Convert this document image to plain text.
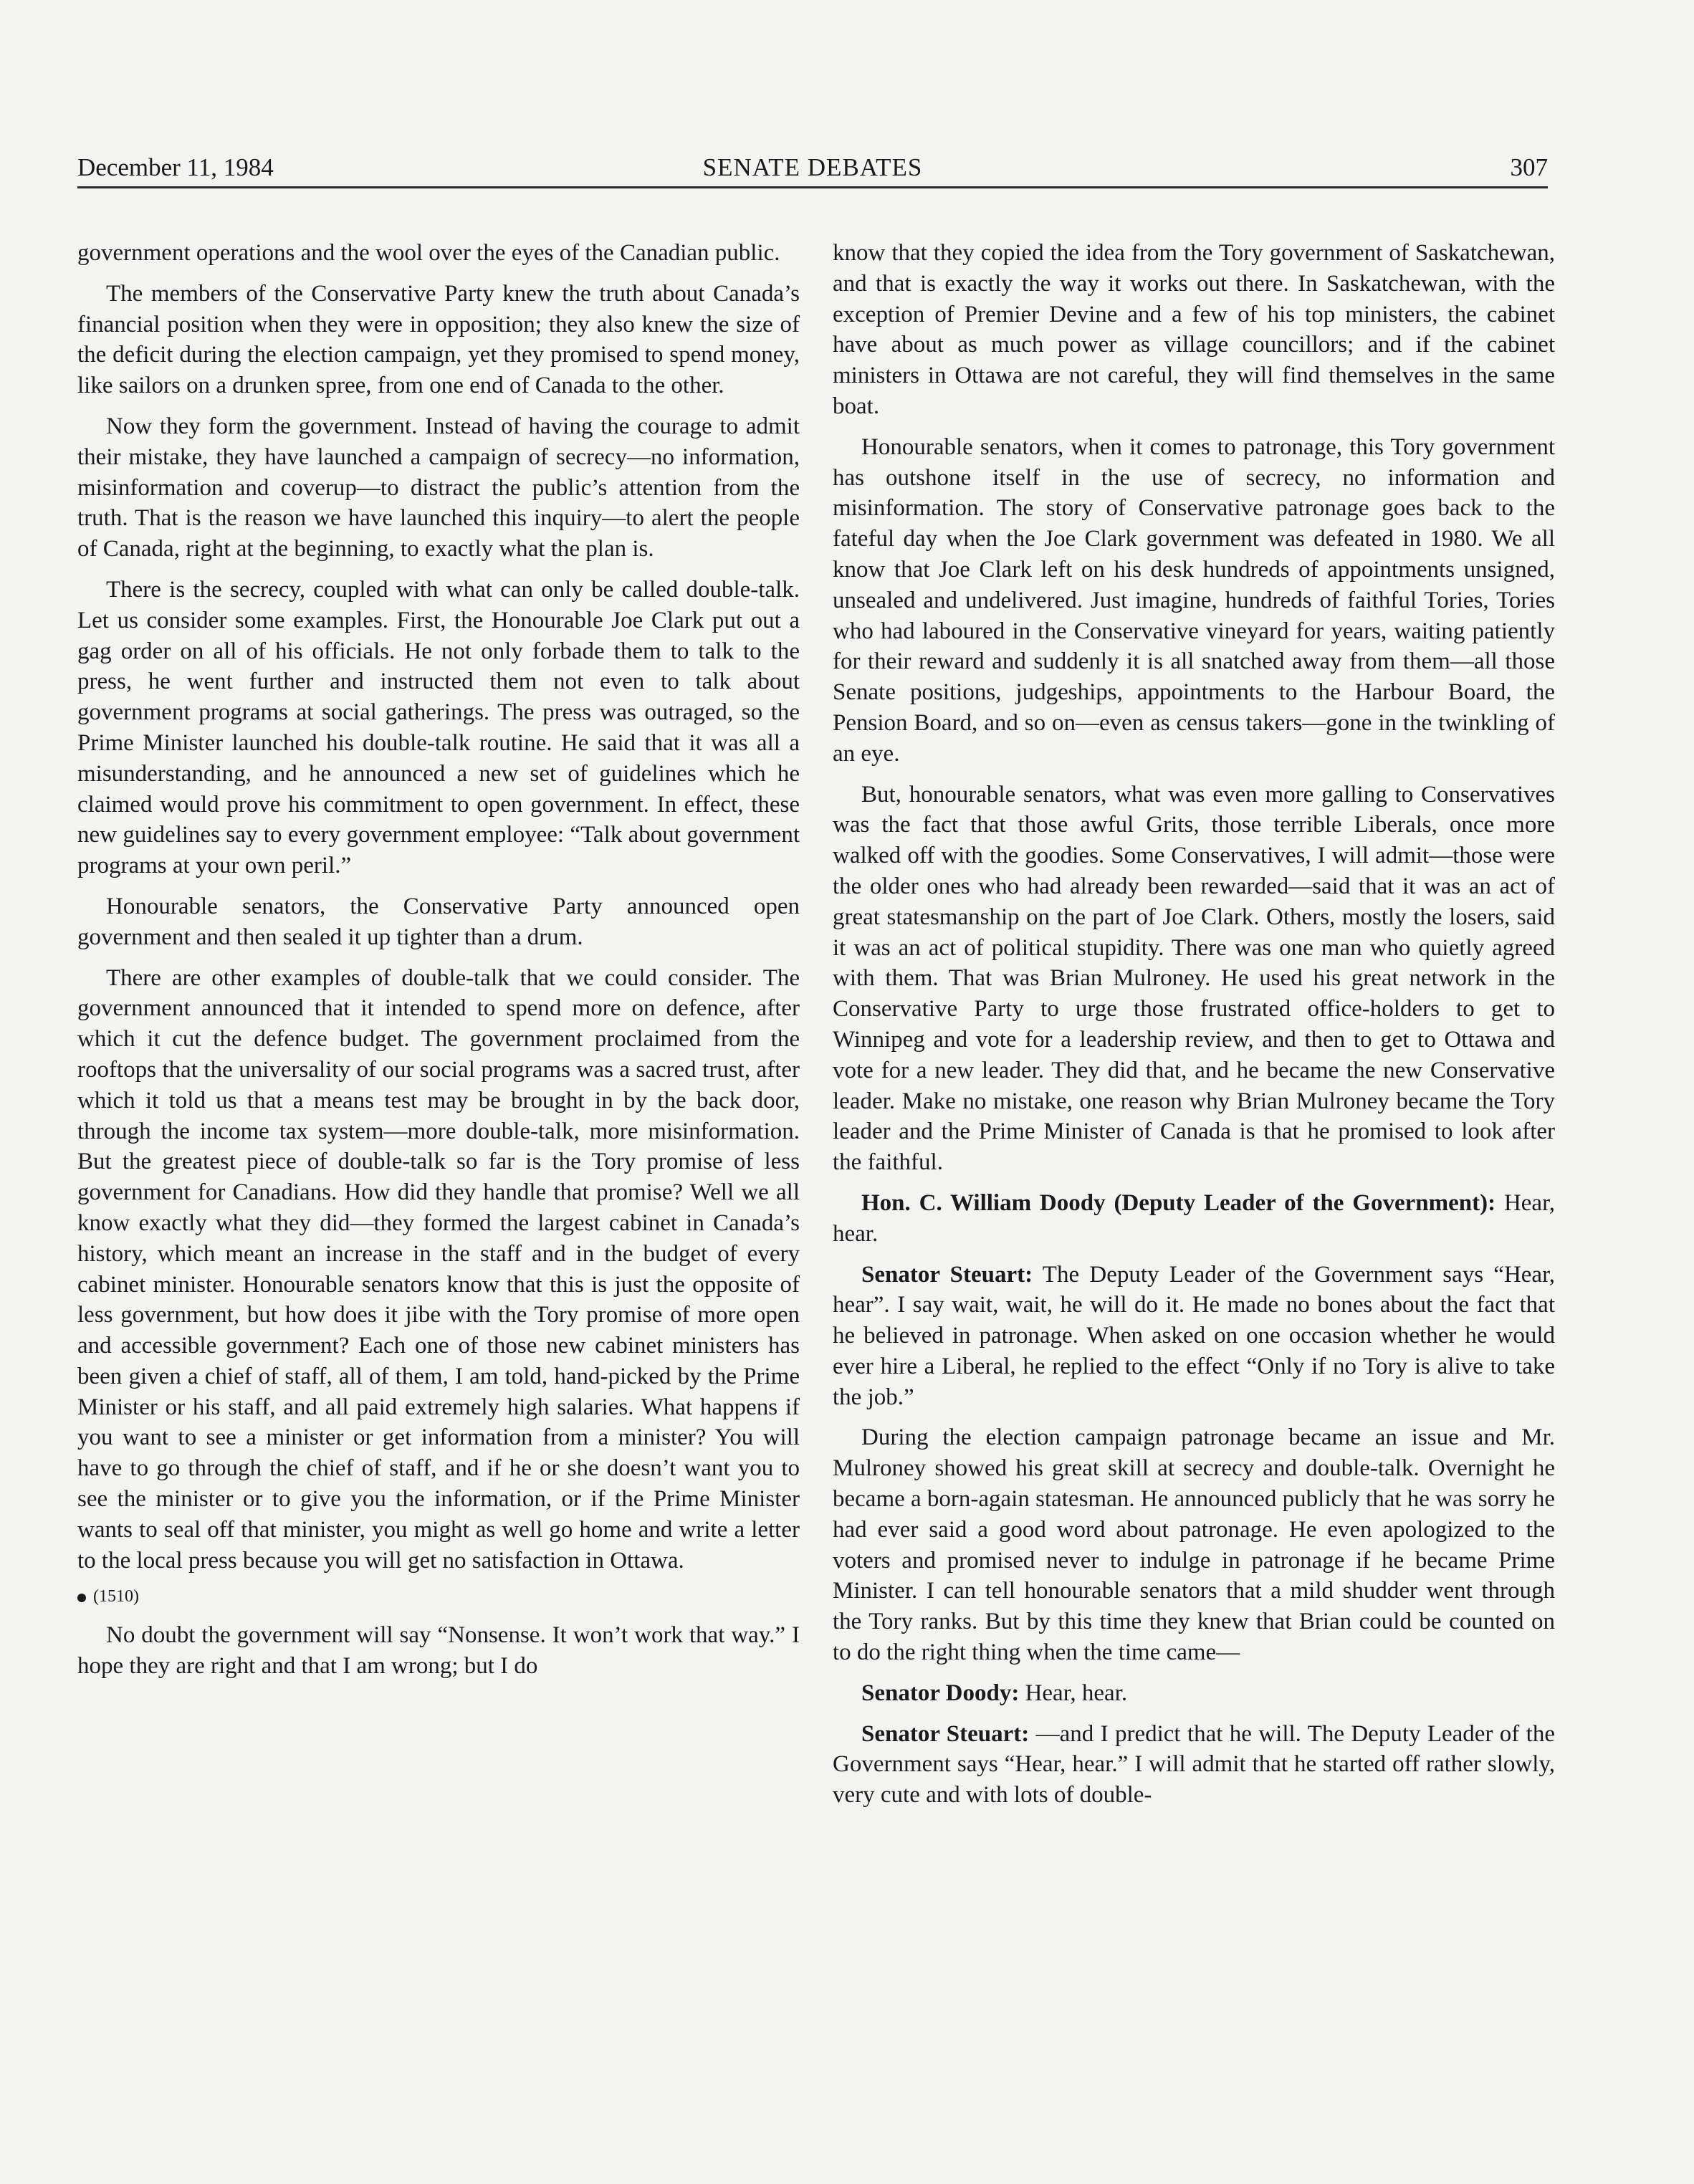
December 11, 1984	SENATE DEBATES	307

government operations and the wool over the eyes of the Canadian public.

The members of the Conservative Party knew the truth about Canada’s financial position when they were in opposition; they also knew the size of the deficit during the election campaign, yet they promised to spend money, like sailors on a drunken spree, from one end of Canada to the other.

Now they form the government. Instead of having the courage to admit their mistake, they have launched a campaign of secrecy—no information, misinformation and coverup—to distract the public’s attention from the truth. That is the reason we have launched this inquiry—to alert the people of Canada, right at the beginning, to exactly what the plan is.

There is the secrecy, coupled with what can only be called double-talk. Let us consider some examples. First, the Honourable Joe Clark put out a gag order on all of his officials. He not only forbade them to talk to the press, he went further and instructed them not even to talk about government programs at social gatherings. The press was outraged, so the Prime Minister launched his double-talk routine. He said that it was all a misunderstanding, and he announced a new set of guidelines which he claimed would prove his commitment to open government. In effect, these new guidelines say to every government employee: “Talk about government programs at your own peril.”

Honourable senators, the Conservative Party announced open government and then sealed it up tighter than a drum.

There are other examples of double-talk that we could consider. The government announced that it intended to spend more on defence, after which it cut the defence budget. The government proclaimed from the rooftops that the universality of our social programs was a sacred trust, after which it told us that a means test may be brought in by the back door, through the income tax system—more double-talk, more misinformation. But the greatest piece of double-talk so far is the Tory promise of less government for Canadians. How did they handle that promise? Well we all know exactly what they did—they formed the largest cabinet in Canada’s history, which meant an increase in the staff and in the budget of every cabinet minister. Honourable senators know that this is just the opposite of less government, but how does it jibe with the Tory promise of more open and accessible government? Each one of those new cabinet ministers has been given a chief of staff, all of them, I am told, hand-picked by the Prime Minister or his staff, and all paid extremely high salaries. What happens if you want to see a minister or get information from a minister? You will have to go through the chief of staff, and if he or she doesn’t want you to see the minister or to give you the information, or if the Prime Minister wants to seal off that minister, you might as well go home and write a letter to the local press because you will get no satisfaction in Ottawa.

(1510)

No doubt the government will say “Nonsense. It won’t work that way.” I hope they are right and that I am wrong; but I do

know that they copied the idea from the Tory government of Saskatchewan, and that is exactly the way it works out there. In Saskatchewan, with the exception of Premier Devine and a few of his top ministers, the cabinet have about as much power as village councillors; and if the cabinet ministers in Ottawa are not careful, they will find themselves in the same boat.

Honourable senators, when it comes to patronage, this Tory government has outshone itself in the use of secrecy, no information and misinformation. The story of Conservative patronage goes back to the fateful day when the Joe Clark government was defeated in 1980. We all know that Joe Clark left on his desk hundreds of appointments unsigned, unsealed and undelivered. Just imagine, hundreds of faithful Tories, Tories who had laboured in the Conservative vineyard for years, waiting patiently for their reward and suddenly it is all snatched away from them—all those Senate positions, judgeships, appointments to the Harbour Board, the Pension Board, and so on—even as census takers—gone in the twinkling of an eye.

But, honourable senators, what was even more galling to Conservatives was the fact that those awful Grits, those terrible Liberals, once more walked off with the goodies. Some Conservatives, I will admit—those were the older ones who had already been rewarded—said that it was an act of great statesmanship on the part of Joe Clark. Others, mostly the losers, said it was an act of political stupidity. There was one man who quietly agreed with them. That was Brian Mulroney. He used his great network in the Conservative Party to urge those frustrated office-holders to get to Winnipeg and vote for a leadership review, and then to get to Ottawa and vote for a new leader. They did that, and he became the new Conservative leader. Make no mistake, one reason why Brian Mulroney became the Tory leader and the Prime Minister of Canada is that he promised to look after the faithful.

Hon. C. William Doody (Deputy Leader of the Government): Hear, hear.

Senator Steuart: The Deputy Leader of the Government says “Hear, hear”. I say wait, wait, he will do it. He made no bones about the fact that he believed in patronage. When asked on one occasion whether he would ever hire a Liberal, he replied to the effect “Only if no Tory is alive to take the job.”

During the election campaign patronage became an issue and Mr. Mulroney showed his great skill at secrecy and double-talk. Overnight he became a born-again statesman. He announced publicly that he was sorry he had ever said a good word about patronage. He even apologized to the voters and promised never to indulge in patronage if he became Prime Minister. I can tell honourable senators that a mild shudder went through the Tory ranks. But by this time they knew that Brian could be counted on to do the right thing when the time came—

Senator Doody: Hear, hear.

Senator Steuart: —and I predict that he will. The Deputy Leader of the Government says “Hear, hear.” I will admit that he started off rather slowly, very cute and with lots of double-
